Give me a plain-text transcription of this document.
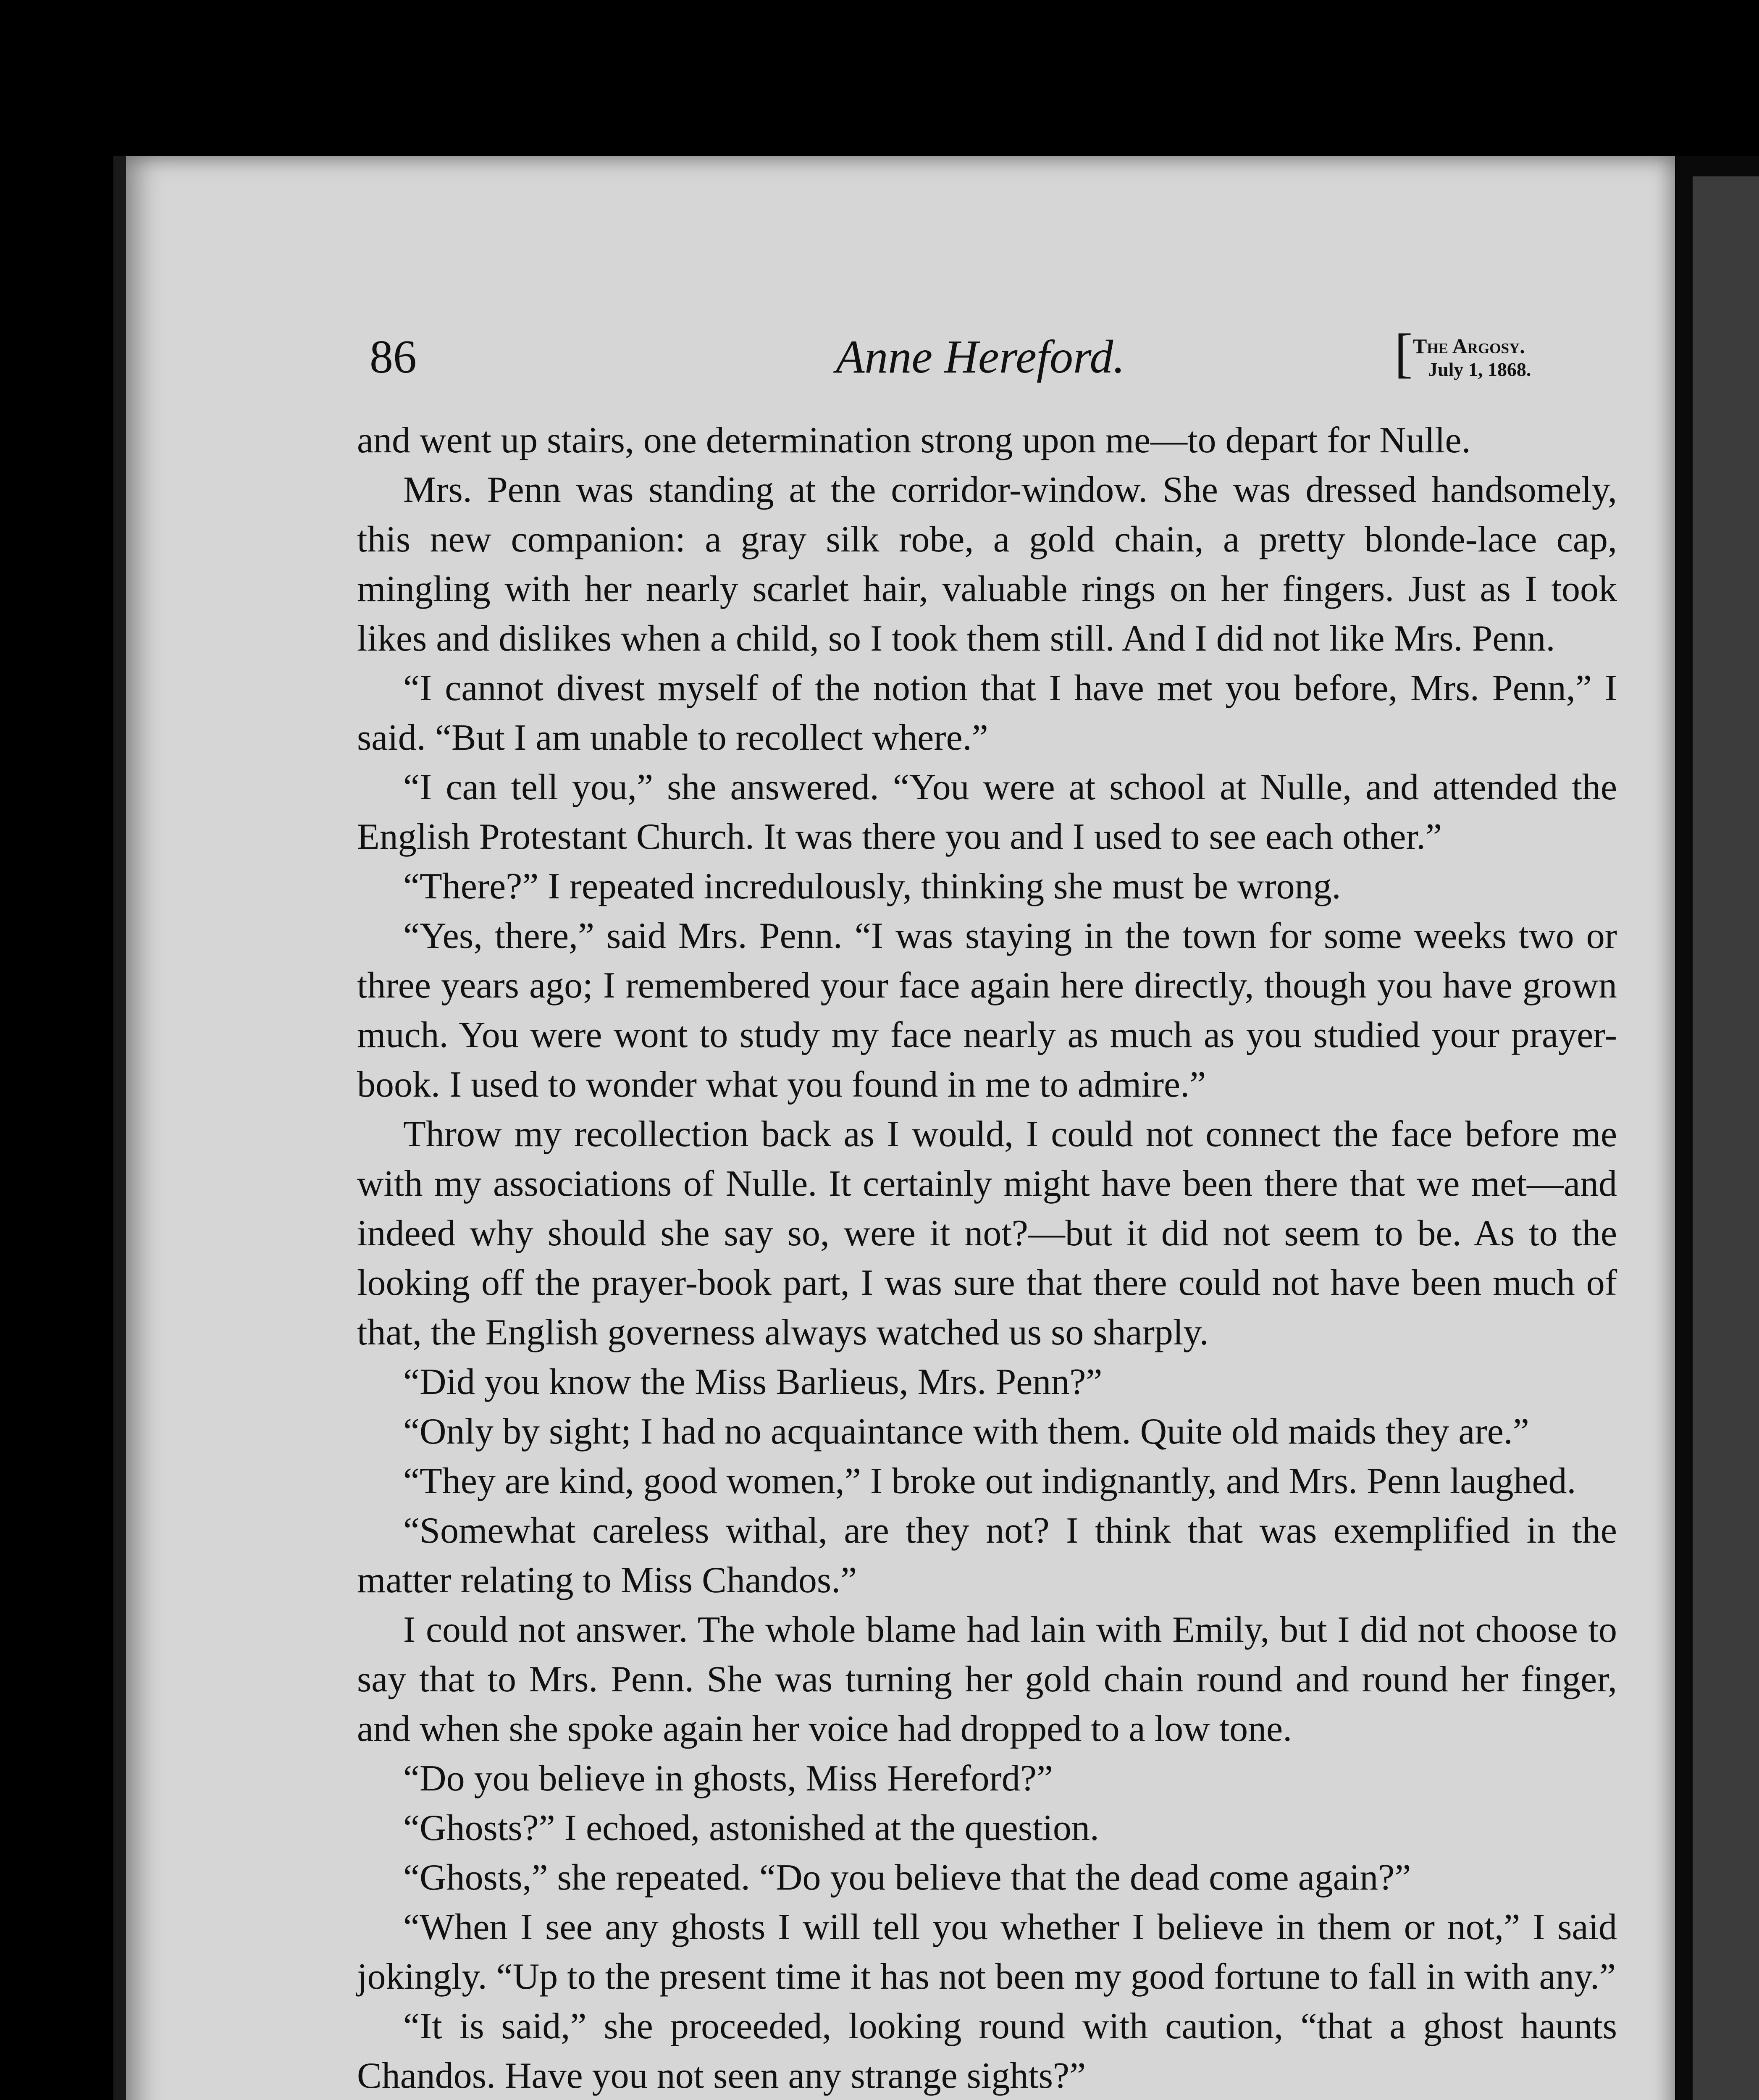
86	Anne Hereford.	[ The Argosy.
July 1, 1868.

and went up stairs, one determination strong upon me—to depart for Nulle.

Mrs. Penn was standing at the corridor-window. She was dressed handsomely, this new companion: a gray silk robe, a gold chain, a pretty blonde-lace cap, mingling with her nearly scarlet hair, valuable rings on her fingers. Just as I took likes and dislikes when a child, so I took them still. And I did not like Mrs. Penn.

“I cannot divest myself of the notion that I have met you before, Mrs. Penn,” I said. “But I am unable to recollect where.”

“I can tell you,” she answered. “You were at school at Nulle, and attended the English Protestant Church. It was there you and I used to see each other.”

“There?” I repeated incredulously, thinking she must be wrong.

“Yes, there,” said Mrs. Penn. “I was staying in the town for some weeks two or three years ago; I remembered your face again here directly, though you have grown much. You were wont to study my face nearly as much as you studied your prayer-book. I used to wonder what you found in me to admire.”

Throw my recollection back as I would, I could not connect the face before me with my associations of Nulle. It certainly might have been there that we met—and indeed why should she say so, were it not?—but it did not seem to be. As to the looking off the prayer-book part, I was sure that there could not have been much of that, the English governess always watched us so sharply.

“Did you know the Miss Barlieus, Mrs. Penn?”

“Only by sight; I had no acquaintance with them. Quite old maids they are.”

“They are kind, good women,” I broke out indignantly, and Mrs. Penn laughed.

“Somewhat careless withal, are they not? I think that was exemplified in the matter relating to Miss Chandos.”

I could not answer. The whole blame had lain with Emily, but I did not choose to say that to Mrs. Penn. She was turning her gold chain round and round her finger, and when she spoke again her voice had dropped to a low tone.

“Do you believe in ghosts, Miss Hereford?”

“Ghosts?” I echoed, astonished at the question.

“Ghosts,” she repeated. “Do you believe that the dead come again?”

“When I see any ghosts I will tell you whether I believe in them or not,” I said jokingly. “Up to the present time it has not been my good fortune to fall in with any.”

“It is said,” she proceeded, looking round with caution, “that a ghost haunts Chandos. Have you not seen any strange sights?”
